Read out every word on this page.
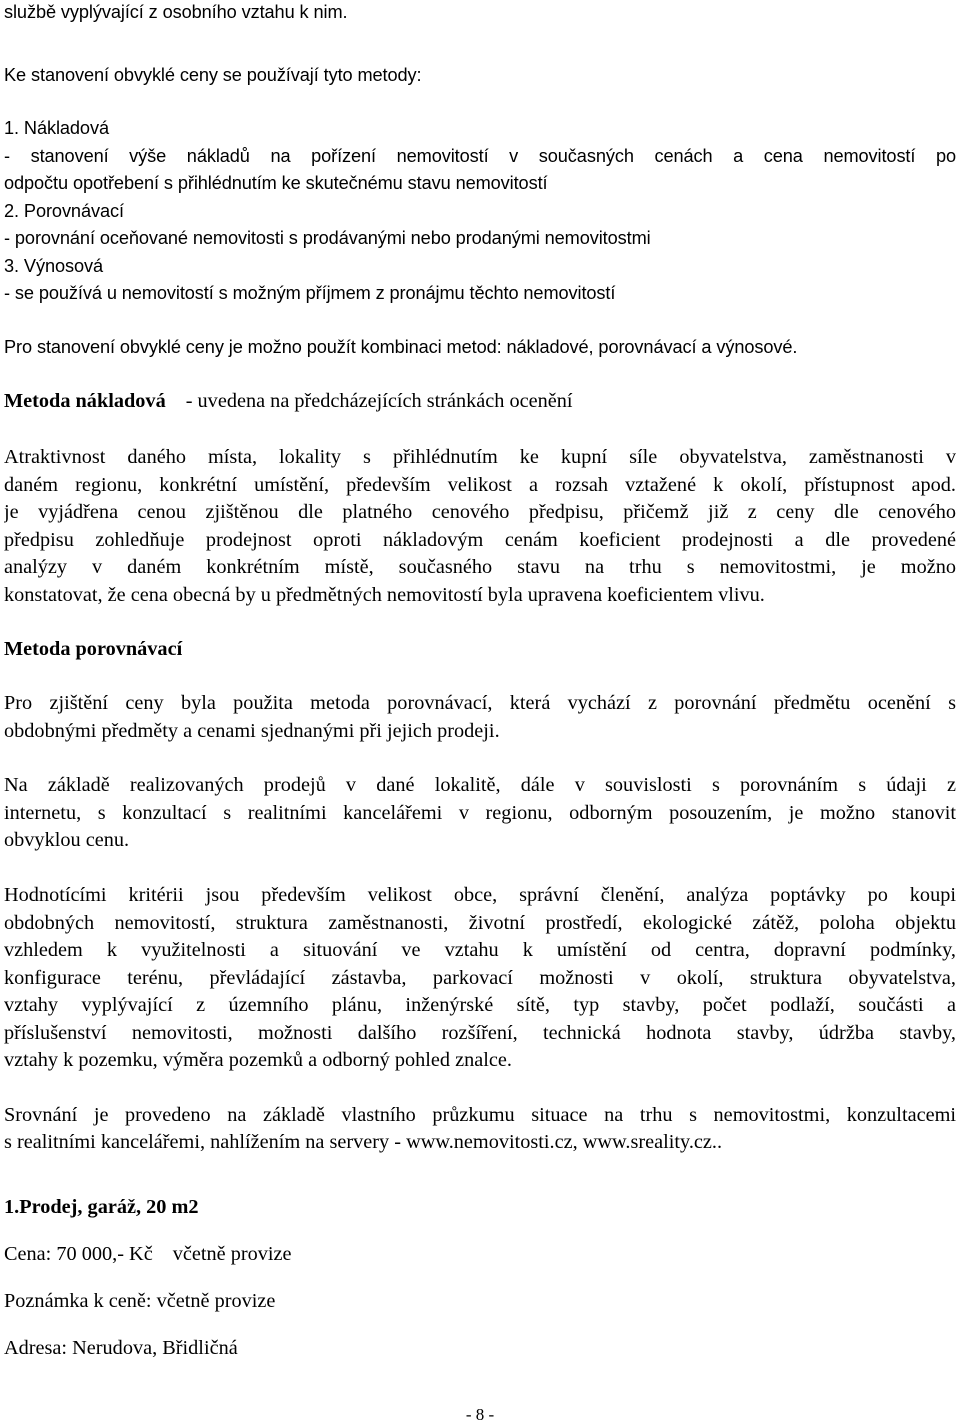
službě vyplývající z osobního vztahu k nim.
Ke stanovení obvyklé ceny se používají tyto metody:
1. Nákladová
- stanovení výše nákladů na pořízení nemovitostí v současných cenách a cena nemovitostí po
odpočtu opotřebení s přihlédnutím ke skutečnému stavu nemovitostí
2. Porovnávací
- porovnání oceňované nemovitosti s prodávanými nebo prodanými nemovitostmi
3. Výnosová
- se používá u nemovitostí s možným příjmem z pronájmu těchto nemovitostí
Pro stanovení obvyklé ceny je možno použít kombinaci metod: nákladové, porovnávací a výnosové.
Metoda nákladová - uvedena na předcházejících stránkách ocenění
Atraktivnost daného místa, lokality s přihlédnutím ke kupní síle obyvatelstva, zaměstnanosti v
daném regionu, konkrétní umístění, především velikost a rozsah vztažené k okolí, přístupnost apod.
je vyjádřena cenou zjištěnou dle platného cenového předpisu, přičemž již z ceny dle cenového
předpisu zohledňuje prodejnost oproti nákladovým cenám koeficient prodejnosti a dle provedené
analýzy v daném konkrétním místě, současného stavu na trhu s nemovitostmi, je možno
konstatovat, že cena obecná by u předmětných nemovitostí byla upravena koeficientem vlivu.
Metoda porovnávací
Pro zjištění ceny byla použita metoda porovnávací, která vychází z porovnání předmětu ocenění s
obdobnými předměty a cenami sjednanými při jejich prodeji.
Na základě realizovaných prodejů v dané lokalitě, dále v souvislosti s porovnáním s údaji z
internetu, s konzultací s realitními kancelářemi v regionu, odborným posouzením, je možno stanovit
obvyklou cenu.
Hodnotícími kritérii jsou především velikost obce, správní členění, analýza poptávky po koupi
obdobných nemovitostí, struktura zaměstnanosti, životní prostředí, ekologické zátěž, poloha objektu
vzhledem k využitelnosti a situování ve vztahu k umístění od centra, dopravní podmínky,
konfigurace terénu, převládající zástavba, parkovací možnosti v okolí, struktura obyvatelstva,
vztahy vyplývající z územního plánu, inženýrské sítě, typ stavby, počet podlaží, součásti a
příslušenství nemovitosti, možnosti dalšího rozšíření, technická hodnota stavby, údržba stavby,
vztahy k pozemku, výměra pozemků a odborný pohled znalce.
Srovnání je provedeno na základě vlastního průzkumu situace na trhu s nemovitostmi, konzultacemi
s realitními kancelářemi, nahlížením na servery - www.nemovitosti.cz, www.sreality.cz..
1.Prodej, garáž, 20 m2
Cena: 70 000,- Kč včetně provize
Poznámka k ceně: včetně provize
Adresa: Nerudova, Břidličná
- 8 -
